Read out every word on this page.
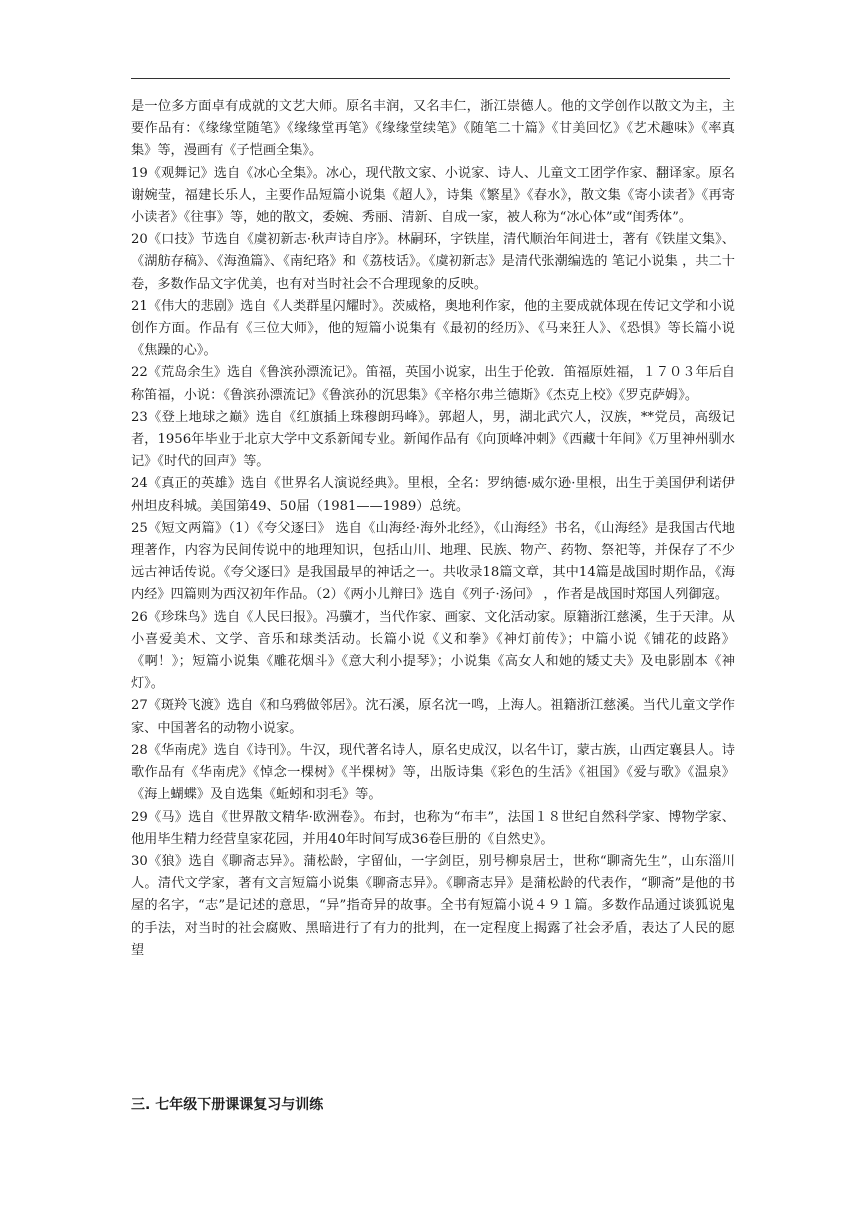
是一位多方面卓有成就的文艺大师。原名丰润，又名丰仁，浙江崇德人。他的文学创作以散文为主，主要作品有：《缘缘堂随笔》《缘缘堂再笔》《缘缘堂续笔》《随笔二十篇》《甘美回忆》《艺术趣味》《率真集》等，漫画有《子恺画全集》。

19《观舞记》选自《冰心全集》。冰心，现代散文家、小说家、诗人、儿童文工团学作家、翻译家。原名谢婉莹，福建长乐人，主要作品短篇小说集《超人》，诗集《繁星》《春水》，散文集《寄小读者》《再寄小读者》《往事》等，她的散文，委婉、秀丽、清新、自成一家，被人称为“冰心体”或“闺秀体”。

20《口技》节选自《虞初新志·秋声诗自序》。林嗣环，字铁崖，清代顺治年间进士，著有《铁崖文集》、《湖舫存稿》、《海渔篇》、《南纪珞》和《荔枝话》。《虞初新志》是清代张潮编选的 笔记小说集 ，共二十卷，多数作品文字优美，也有对当时社会不合理现象的反映。

21《伟大的悲剧》选自《人类群星闪耀时》。茨威格，奥地利作家，他的主要成就体现在传记文学和小说创作方面。作品有《三位大师》，他的短篇小说集有《最初的经历》、《马来狂人》、《恐惧》等长篇小说《焦躁的心》。

22《荒岛余生》选自《鲁滨孙漂流记》。笛福，英国小说家，出生于伦敦．笛福原姓福，１７０３年后自称笛福，小说：《鲁滨孙漂流记》《鲁滨孙的沉思集》《辛格尔弗兰德斯》《杰克上校》《罗克萨姆》。

23《登上地球之巅》选自《红旗插上珠穆朗玛峰》。郭超人，男，湖北武穴人，汉族，**党员，高级记者，1956年毕业于北京大学中文系新闻专业。新闻作品有《向顶峰冲刺》《西藏十年间》《万里神州驯水记》《时代的回声》等。

24《真正的英雄》选自《世界名人演说经典》。里根，全名：罗纳德·威尔逊·里根，出生于美国伊利诺伊州坦皮科城。美国第49、50届（1981——1989）总统。

25《短文两篇》（1）《夸父逐曰》 选自《山海经·海外北经》，《山海经》书名，《山海经》是我国古代地理著作，内容为民间传说中的地理知识，包括山川、地理、民族、物产、药物、祭祀等，并保存了不少远古神话传说。《夸父逐曰》是我国最早的神话之一。共收录18篇文章，其中14篇是战国时期作品，《海内经》四篇则为西汉初年作品。（2）《两小儿辩曰》选自《列子·汤问》 ，作者是战国时郑国人列御寇。

26《珍珠鸟》选自《人民曰报》。冯骥才，当代作家、画家、文化活动家。原籍浙江慈溪，生于天津。从小喜爱美术、文学、音乐和球类活动。长篇小说《义和拳》《神灯前传》；中篇小说《铺花的歧路》《啊！》；短篇小说集《雕花烟斗》《意大利小提琴》；小说集《高女人和她的矮丈夫》及电影剧本《神灯》。

27《斑羚飞渡》选自《和乌鸦做邻居》。沈石溪，原名沈一鸣，上海人。祖籍浙江慈溪。当代儿童文学作家、中国著名的动物小说家。

28《华南虎》选自《诗刊》。牛汉，现代著名诗人，原名史成汉，以名牛订，蒙古族，山西定襄县人。诗歌作品有《华南虎》《悼念一棵树》《半棵树》等，出版诗集《彩色的生活》《祖国》《爱与歌》《温泉》《海上蝴蝶》及自选集《蚯蚓和羽毛》等。

29《马》选自《世界散文精华·欧洲卷》。布封，也称为“布丰”，法国１８世纪自然科学家、博物学家、他用毕生精力经营皇家花园，并用40年时间写成36卷巨册的《自然史》。

30《狼》选自《聊斋志异》。蒲松龄，字留仙，一字剑臣，别号柳泉居士，世称“聊斋先生”，山东淄川人。清代文学家，著有文言短篇小说集《聊斋志异》。《聊斋志异》是蒲松龄的代表作，“聊斋”是他的书屋的名字，“志”是记述的意思，“异”指奇异的故事。全书有短篇小说４９１篇。多数作品通过谈狐说鬼的手法，对当时的社会腐败、黑暗进行了有力的批判，在一定程度上揭露了社会矛盾，表达了人民的愿望

三. 七年级下册课课复习与训练
